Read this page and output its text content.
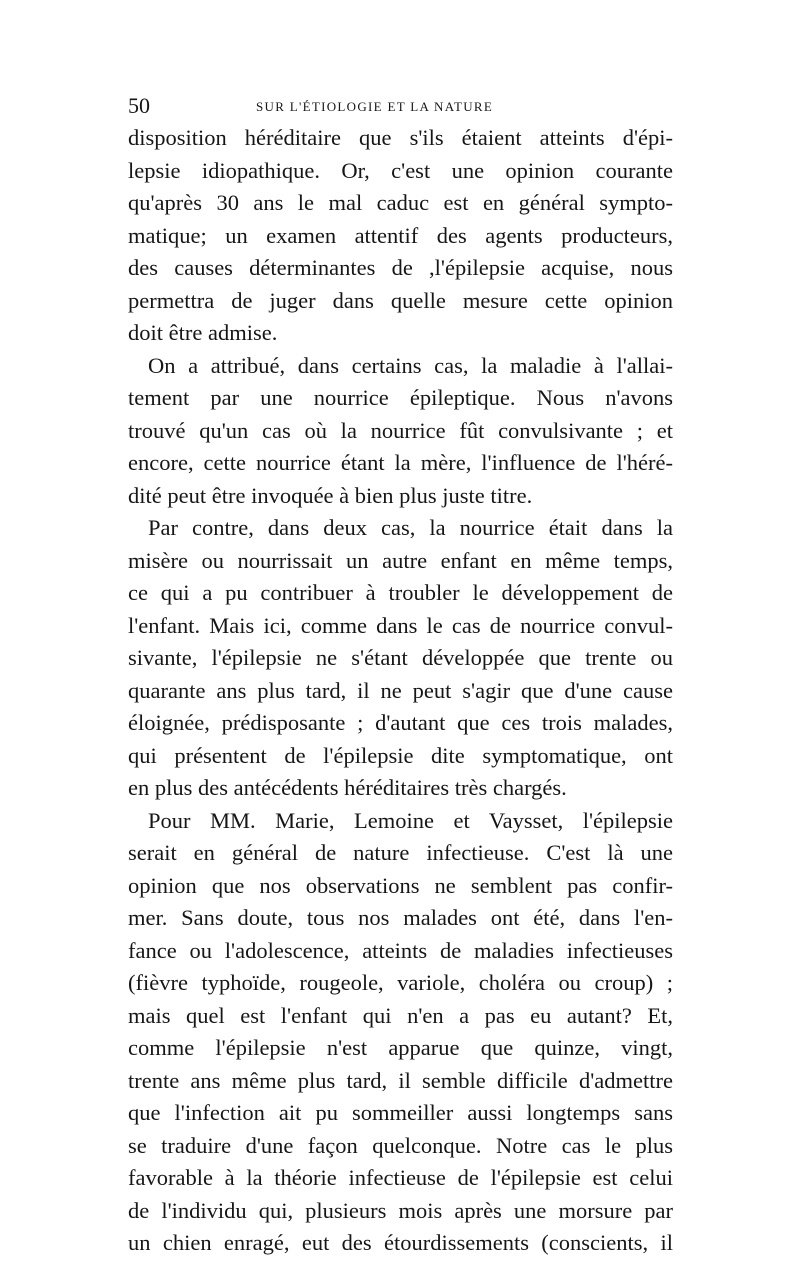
50	SUR L'ÉTIOLOGIE ET LA NATURE
disposition héréditaire que s'ils étaient atteints d'épi-
lepsie idiopathique. Or, c'est une opinion courante
qu'après 30 ans le mal caduc est en général sympto-
matique; un examen attentif des agents producteurs,
des causes déterminantes de ,l'épilepsie acquise, nous
permettra de juger dans quelle mesure cette opinion
doit être admise.
On a attribué, dans certains cas, la maladie à l'allai-
tement par une nourrice épileptique. Nous n'avons
trouvé qu'un cas où la nourrice fût convulsivante ; et
encore, cette nourrice étant la mère, l'influence de l'héré-
dité peut être invoquée à bien plus juste titre.
Par contre, dans deux cas, la nourrice était dans la
misère ou nourrissait un autre enfant en même temps,
ce qui a pu contribuer à troubler le développement de
l'enfant. Mais ici, comme dans le cas de nourrice convul-
sivante, l'épilepsie ne s'étant développée que trente ou
quarante ans plus tard, il ne peut s'agir que d'une cause
éloignée, prédisposante ; d'autant que ces trois malades,
qui présentent de l'épilepsie dite symptomatique, ont
en plus des antécédents héréditaires très chargés.
Pour MM. Marie, Lemoine et Vaysset, l'épilepsie
serait en général de nature infectieuse. C'est là une
opinion que nos observations ne semblent pas confir-
mer. Sans doute, tous nos malades ont été, dans l'en-
fance ou l'adolescence, atteints de maladies infectieuses
(fièvre typhoïde, rougeole, variole, choléra ou croup) ;
mais quel est l'enfant qui n'en a pas eu autant? Et,
comme l'épilepsie n'est apparue que quinze, vingt,
trente ans même plus tard, il semble difficile d'admettre
que l'infection ait pu sommeiller aussi longtemps sans
se traduire d'une façon quelconque. Notre cas le plus
favorable à la théorie infectieuse de l'épilepsie est celui
de l'individu qui, plusieurs mois après une morsure par
un chien enragé, eut des étourdissements (conscients, il
